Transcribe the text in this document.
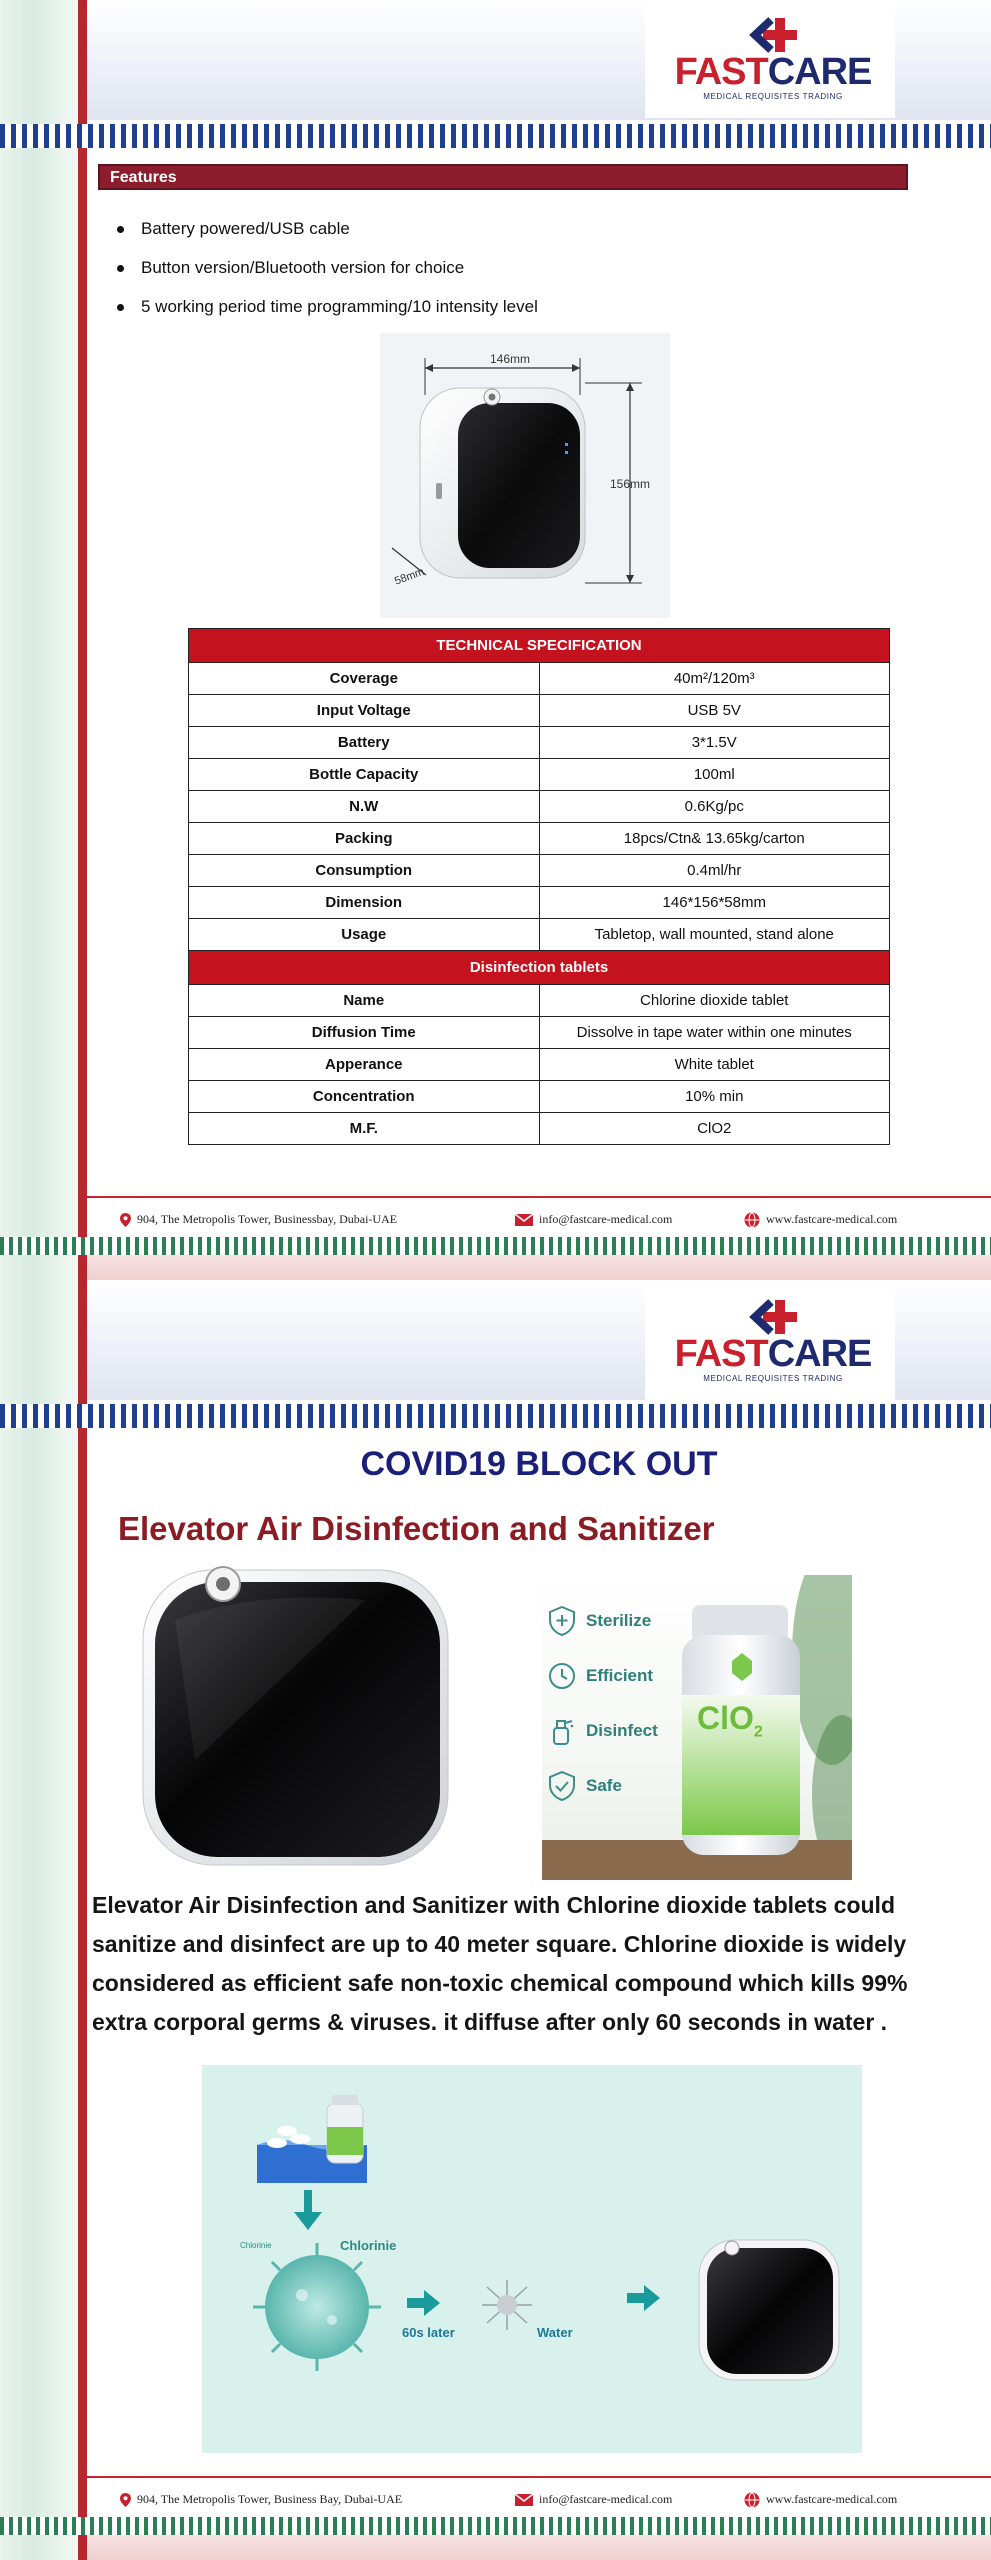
FASTCARE
MEDICAL REQUISITES TRADING
Features
Battery powered/USB cable
Button version/Bluetooth version for choice
5 working period time programming/10 intensity level
146mm
156mm
58mm
TECHNICAL SPECIFICATION	
Coverage	40m²/120m³
Input Voltage	USB 5V
Battery	3*1.5V
Bottle Capacity	100ml
N.W	0.6Kg/pc
Packing	18pcs/Ctn& 13.65kg/carton
Consumption	0.4ml/hr
Dimension	146*156*58mm
Usage	Tabletop, wall mounted, stand alone
Disinfection tablets	
Name	Chlorine dioxide tablet
Diffusion Time	Dissolve in tape water within one minutes
Apperance	White tablet
Concentration	10% min
M.F.	ClO2
904, The Metropolis Tower, Businessbay, Dubai-UAE	info@fastcare-medical.com	www.fastcare-medical.com
FASTCARE
MEDICAL REQUISITES TRADING
COVID19 BLOCK OUT
Elevator Air Disinfection and Sanitizer
ClO$_2$
Sterilize
Efficient
Disinfect
Safe
Elevator Air Disinfection and Sanitizer with Chlorine dioxide tablets could sanitize and disinfect are up to 40 meter square. Chlorine dioxide is widely considered as efficient safe non-toxic chemical compound which kills 99% extra corporal germs & viruses. it diffuse after only 60 seconds in water .
Chlorinie	Chlorinie
60s later	Water
904, The Metropolis Tower, Business Bay, Dubai-UAE	info@fastcare-medical.com	www.fastcare-medical.com
